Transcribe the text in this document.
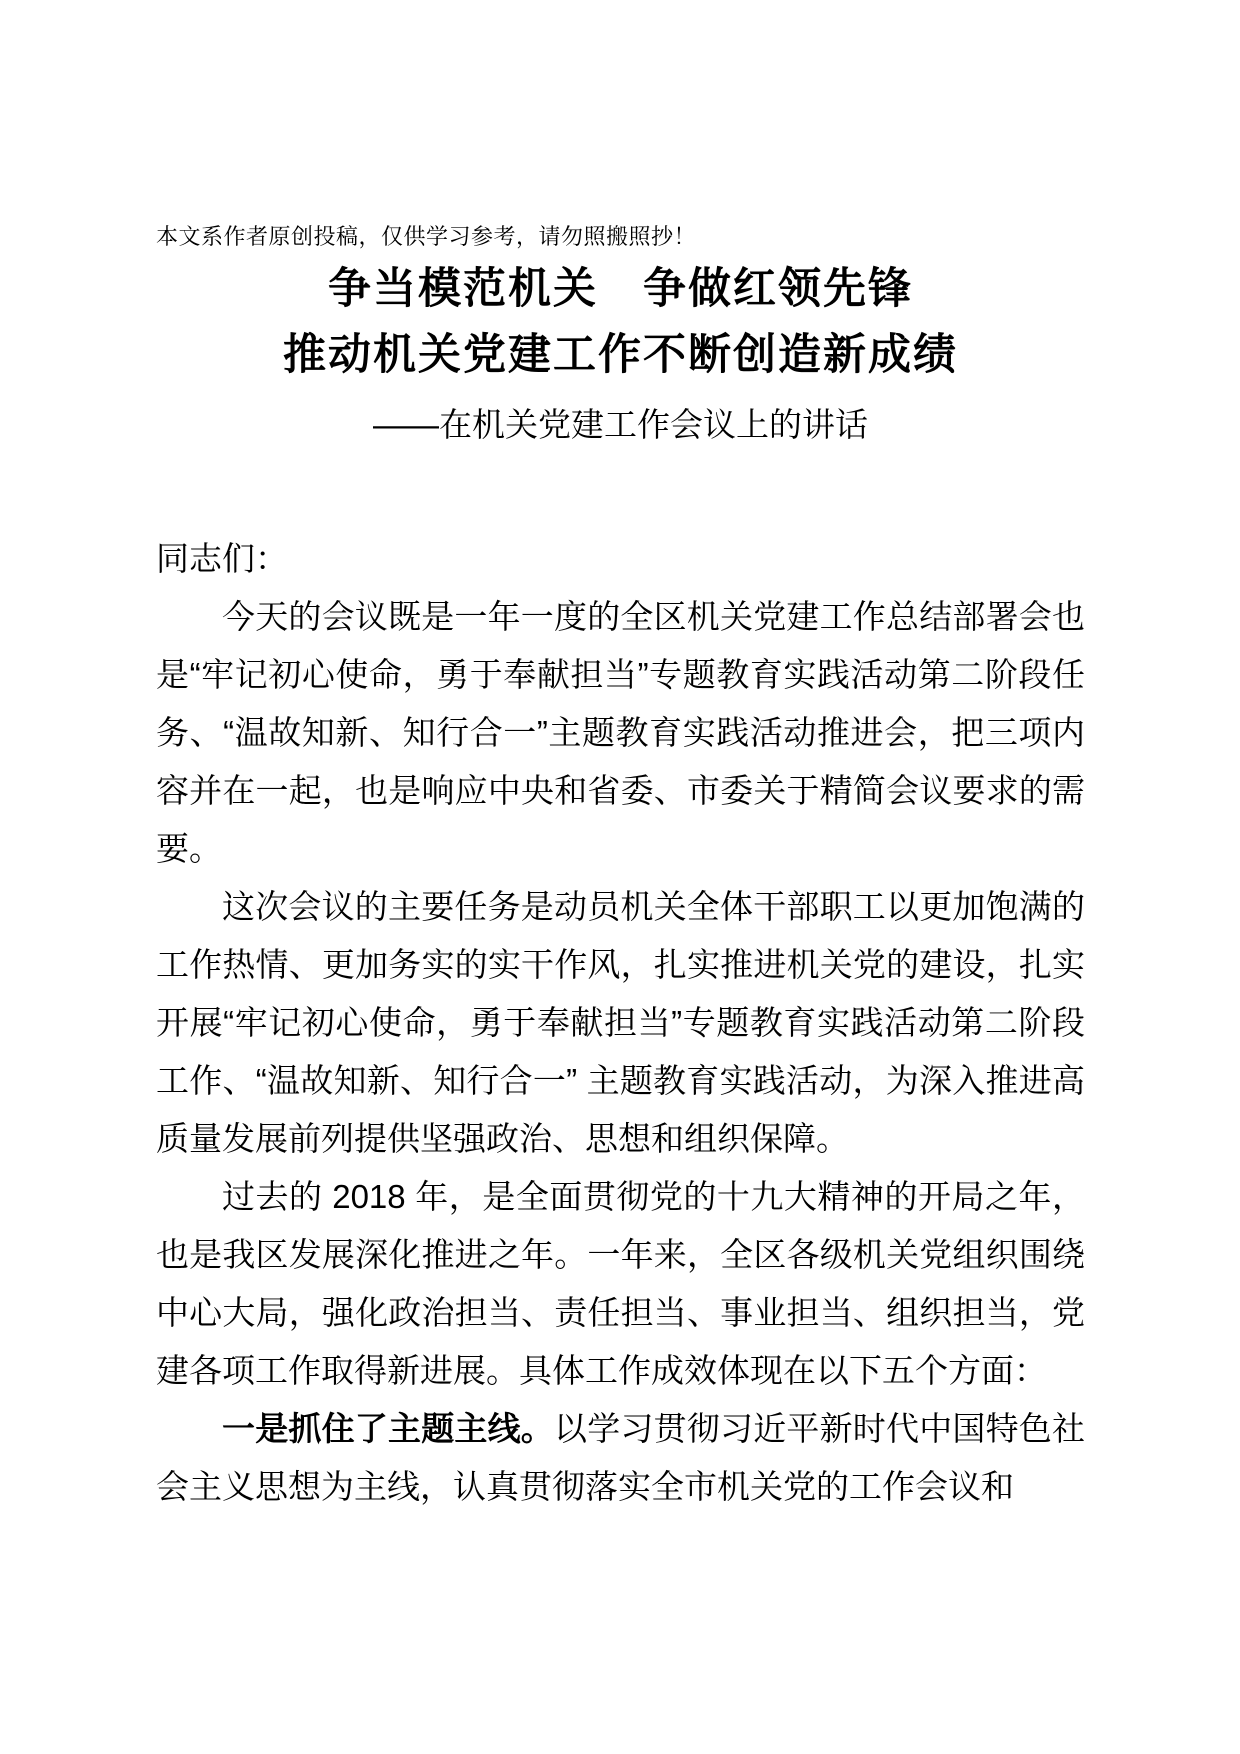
本文系作者原创投稿，仅供学习参考，请勿照搬照抄！
争当模范机关　争做红领先锋
推动机关党建工作不断创造新成绩
——在机关党建工作会议上的讲话

同志们：

今天的会议既是一年一度的全区机关党建工作总结部署会也是“牢记初心使命，勇于奉献担当”专题教育实践活动第二阶段任务、“温故知新、知行合一”主题教育实践活动推进会，把三项内容并在一起，也是响应中央和省委、市委关于精简会议要求的需要。

这次会议的主要任务是动员机关全体干部职工以更加饱满的工作热情、更加务实的实干作风，扎实推进机关党的建设，扎实开展“牢记初心使命，勇于奉献担当”专题教育实践活动第二阶段工作、“温故知新、知行合一” 主题教育实践活动，为深入推进高质量发展前列提供坚强政治、思想和组织保障。

过去的 2018 年，是全面贯彻党的十九大精神的开局之年，也是我区发展深化推进之年。一年来，全区各级机关党组织围绕中心大局，强化政治担当、责任担当、事业担当、组织担当，党建各项工作取得新进展。具体工作成效体现在以下五个方面：

一是抓住了主题主线。以学习贯彻习近平新时代中国特色社会主义思想为主线，认真贯彻落实全市机关党的工作会议和
